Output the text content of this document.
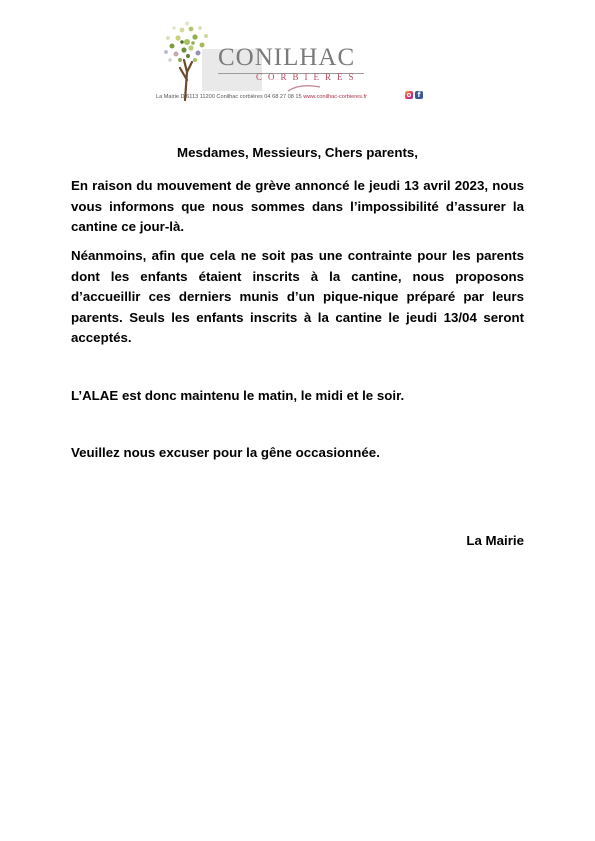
CONILHAC
CORBIERES
La Mairie D 6113 11200 Conilhac corbières 04 68 27 08 15 www.conilhac-corbieres.fr	f
Mesdames, Messieurs, Chers parents,

En raison du mouvement de grève annoncé le jeudi 13 avril 2023, nous vous informons que nous sommes dans l’impossibilité d’assurer la cantine ce jour-là.

Néanmoins, afin que cela ne soit pas une contrainte pour les parents dont les enfants étaient inscrits à la cantine, nous proposons d’accueillir ces derniers munis d’un pique-nique préparé par leurs parents. Seuls les enfants inscrits à la cantine le jeudi 13/04 seront acceptés.

L’ALAE est donc maintenu le matin, le midi et le soir.

Veuillez nous excuser pour la gêne occasionnée.

La Mairie
